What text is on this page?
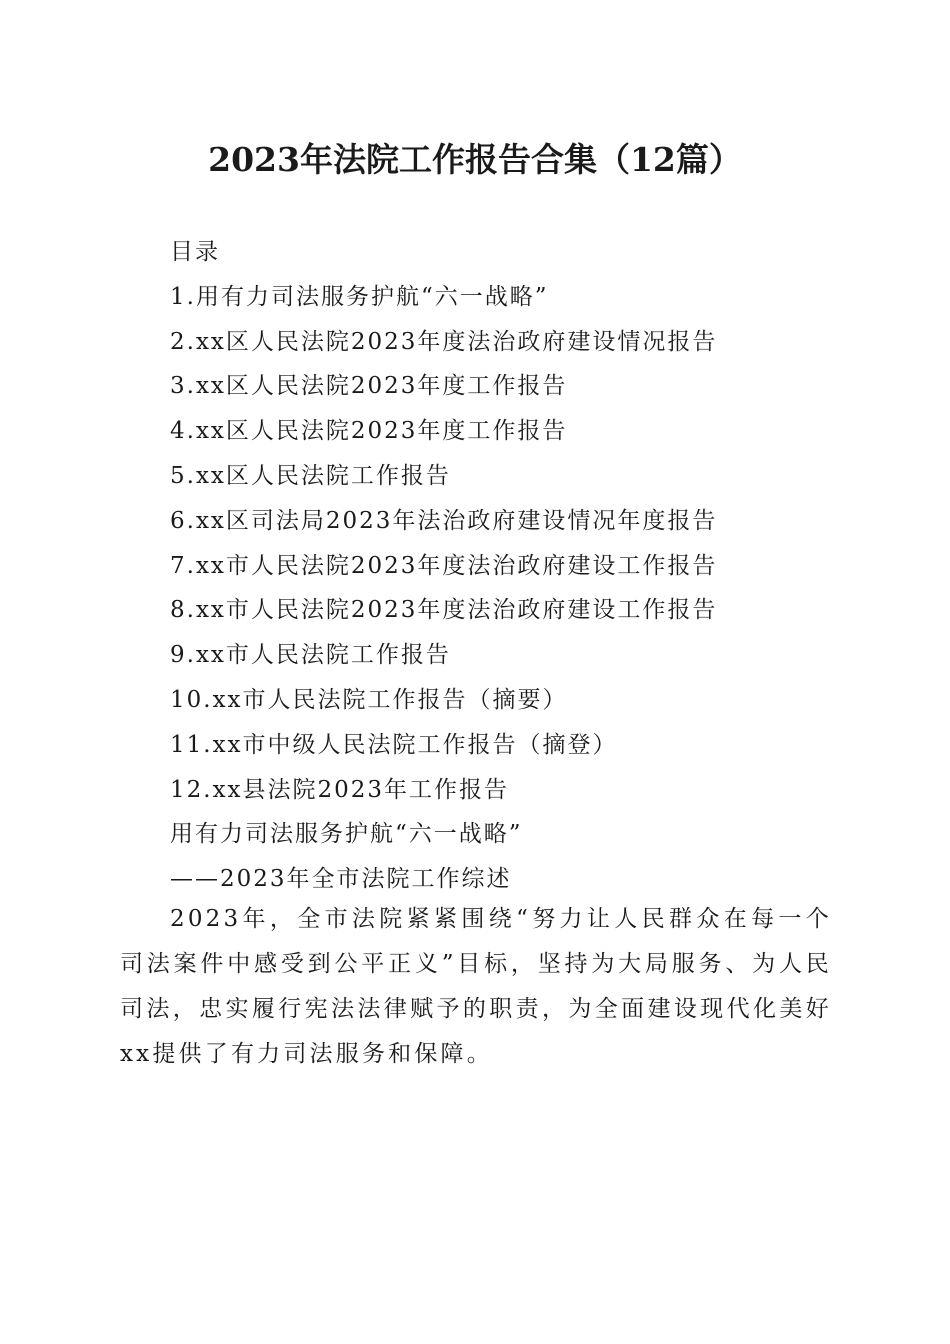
2023年法院工作报告合集（12篇）
目录
1.用有力司法服务护航“六一战略”
2.xx区人民法院2023年度法治政府建设情况报告
3.xx区人民法院2023年度工作报告
4.xx区人民法院2023年度工作报告
5.xx区人民法院工作报告
6.xx区司法局2023年法治政府建设情况年度报告
7.xx市人民法院2023年度法治政府建设工作报告
8.xx市人民法院2023年度法治政府建设工作报告
9.xx市人民法院工作报告
10.xx市人民法院工作报告（摘要）
11.xx市中级人民法院工作报告（摘登）
12.xx县法院2023年工作报告
用有力司法服务护航“六一战略”
——2023年全市法院工作综述

2023年，全市法院紧紧围绕“努力让人民群众在每一个司法案件中感受到公平正义”目标，坚持为大局服务、为人民司法，忠实履行宪法法律赋予的职责，为全面建设现代化美好xx提供了有力司法服务和保障。
